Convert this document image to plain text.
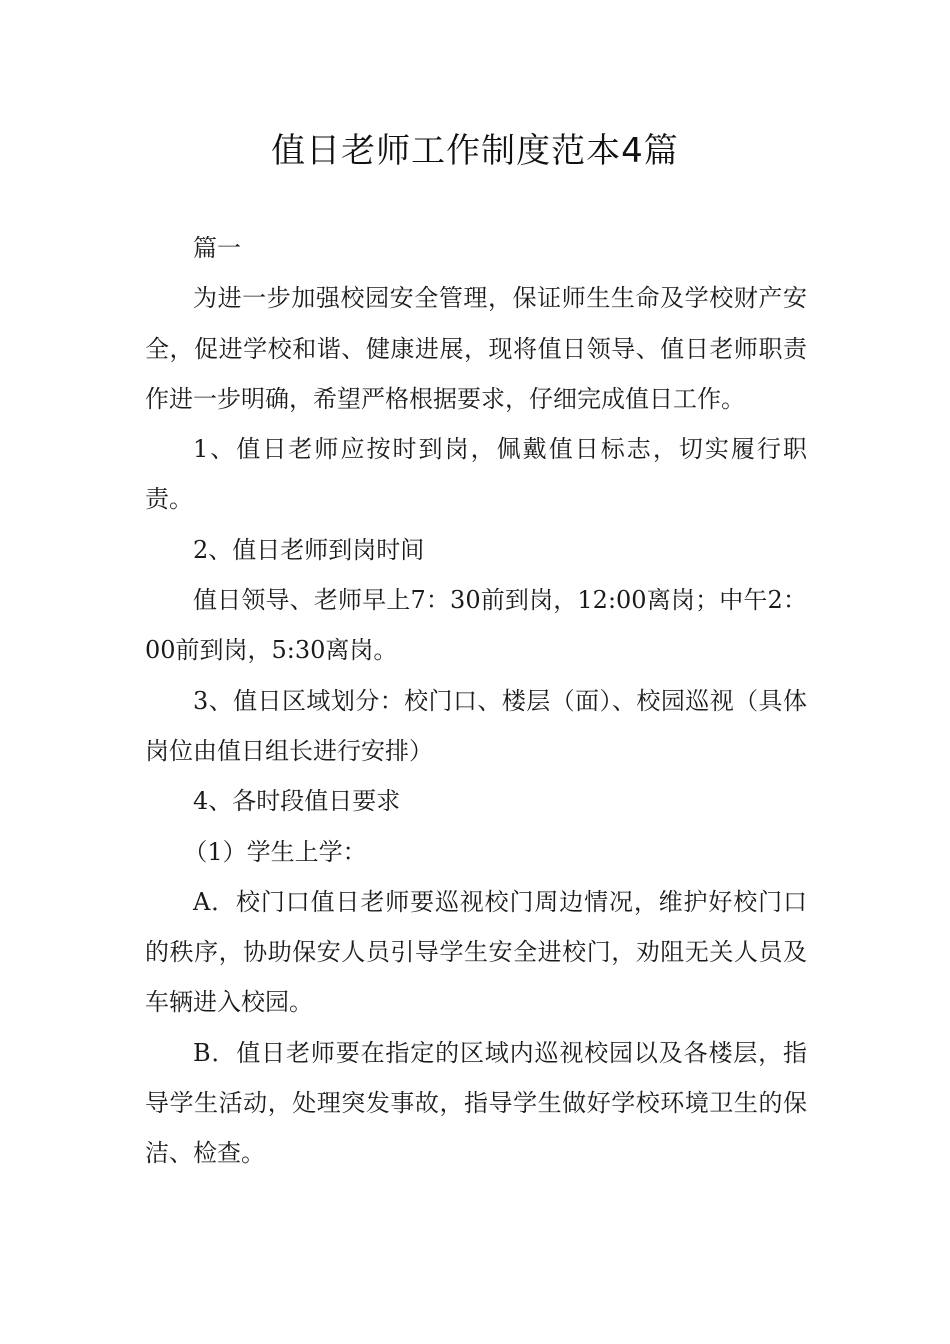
值日老师工作制度范本4篇

篇一

为进一步加强校园安全管理，保证师生生命及学校财产安全，促进学校和谐、健康进展，现将值日领导、值日老师职责作进一步明确，希望严格根据要求，仔细完成值日工作。

1、值日老师应按时到岗，佩戴值日标志，切实履行职责。

2、值日老师到岗时间

值日领导、老师早上7：30前到岗，12:00离岗；中午2：00前到岗，5:30离岗。

3、值日区域划分：校门口、楼层（面）、校园巡视（具体岗位由值日组长进行安排）

4、各时段值日要求

（1）学生上学：

A．校门口值日老师要巡视校门周边情况，维护好校门口的秩序，协助保安人员引导学生安全进校门，劝阻无关人员及车辆进入校园。

B．值日老师要在指定的区域内巡视校园以及各楼层，指导学生活动，处理突发事故，指导学生做好学校环境卫生的保洁、检查。
